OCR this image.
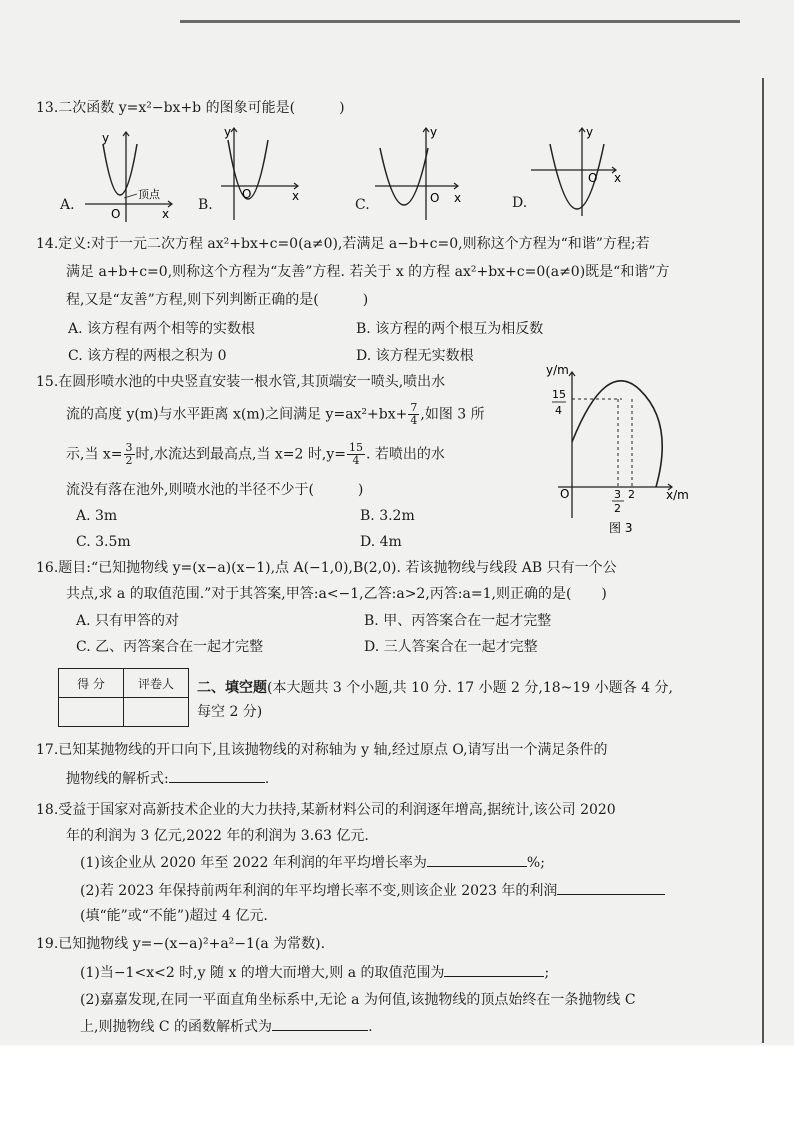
13.二次函数 y=x²−bx+b 的图象可能是(	)
A.
y
顶点
O	x
B.
y
O	x
C.
y
O x	D.
y
O x
14.定义:对于一元二次方程 ax²+bx+c=0(a≠0),若满足 a−b+c=0,则称这个方程为“和谐”方程;若
满足 a+b+c=0,则称这个方程为“友善”方程. 若关于 x 的方程 ax²+bx+c=0(a≠0)既是“和谐”方
程,又是“友善”方程,则下列判断正确的是(	)
A. 该方程有两个相等的实数根	B. 该方程的两个根互为相反数
C. 该方程的两根之积为 0	D. 该方程无实数根
15.在圆形喷水池的中央竖直安装一根水管,其顶端安一喷头,喷出水
流的高度 y(m)与水平距离 x(m)之间满足 $y=ax^2+bx+ \frac{7}{4}$ ,如图 3 所
示,当 $x= \frac{3}{2}$ 时,水流达到最高点,当 x=2 时$,y= \frac{15}{4}$ . 若喷出的水
流没有落在池外,则喷水池的半径不少于(	)
A. 3m	B. 3.2m
C. 3.5m	D. 4m
y/m
15
4
O	3
2
2	x/m
图 3
16.题目:“已知抛物线 y=(x−a)(x−1),点 A(−1,0),B(2,0). 若该抛物线与线段 AB 只有一个公
共点,求 a 的取值范围.”对于其答案,甲答:a<−1,乙答:a>2,丙答:a=1,则正确的是( )
A. 只有甲答的对	B. 甲、丙答案合在一起才完整
C. 乙、丙答案合在一起才完整	D. 三人答案合在一起才完整
得 分	评卷人
	二、填空题(本大题共 3 个小题,共 10 分. 17 小题 2 分,18~19 小题各 4 分,
每空 2 分)
17.已知某抛物线的开口向下,且该抛物线的对称轴为 y 轴,经过原点 O,请写出一个满足条件的
抛物线的解析式:	.
18.受益于国家对高新技术企业的大力扶持,某新材料公司的利润逐年增高,据统计,该公司 2020
年的利润为 3 亿元,2022 年的利润为 3.63 亿元.
(1)该企业从 2020 年至 2022 年利润的年平均增长率为	%;
(2)若 2023 年保持前两年利润的年平均增长率不变,则该企业 2023 年的利润
(填“能”或“不能”)超过 4 亿元.
19.已知抛物线 y=−(x−a)²+a²−1(a 为常数).
(1)当−1<x<2 时,y 随 x 的增大而增大,则 a 的取值范围为	;
(2)嘉嘉发现,在同一平面直角坐标系中,无论 a 为何值,该抛物线的顶点始终在一条抛物线 C
上,则抛物线 C 的函数解析式为	.
